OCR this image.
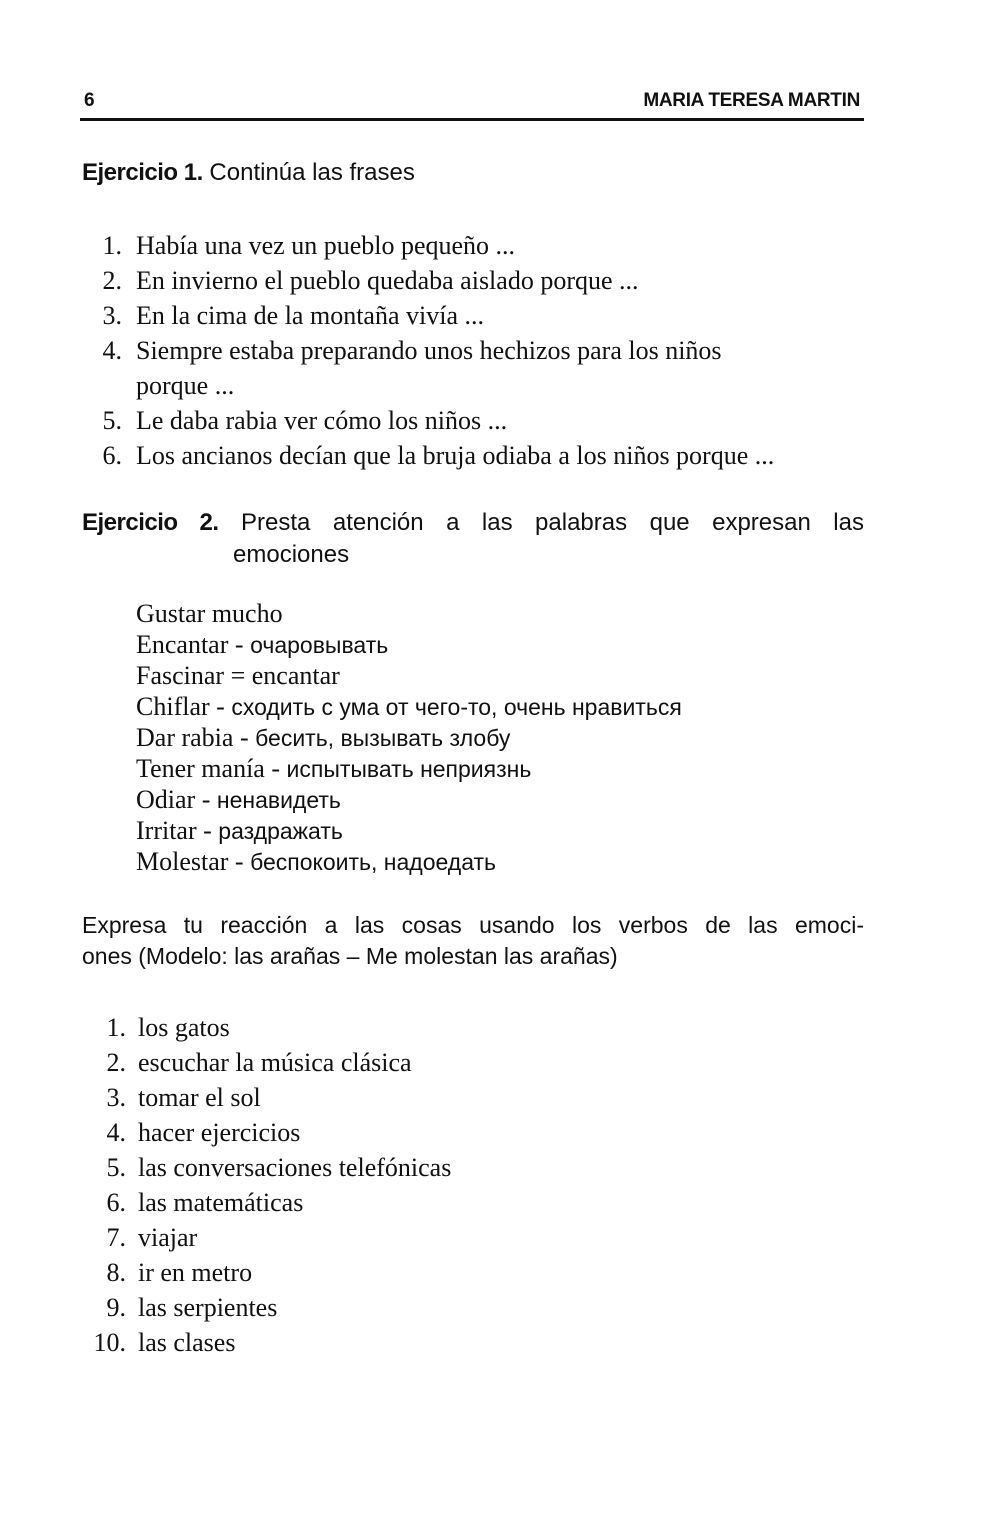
6	MARIA TERESA MARTIN
Ejercicio 1. Continúa las frases
1. Había una vez un pueblo pequeño ...
2. En invierno el pueblo quedaba aislado porque ...
3. En la cima de la montaña vivía ...
4. Siempre estaba preparando unos hechizos para los niños
porque ...
5. Le daba rabia ver cómo los niños ...
6. Los ancianos decían que la bruja odiaba a los niños porque ...
Ejercicio 2. Presta atención a las palabras que expresan las
emociones
Gustar mucho
Encantar - очаровывать
Fascinar = encantar
Chiflar - сходить с ума от чего-то, очень нравиться
Dar rabia - бесить, вызывать злобу
Tener manía - испытывать неприязнь
Odiar - ненавидеть
Irritar - раздражать
Molestar - беспокоить, надоедать
Expresa tu reacción a las cosas usando los verbos de las emoci-
ones (Modelo: las arañas – Me molestan las arañas)
1. los gatos
2. escuchar la música clásica
3. tomar el sol
4. hacer ejercicios
5. las conversaciones telefónicas
6. las matemáticas
7. viajar
8. ir en metro
9. las serpientes
10. las clases
